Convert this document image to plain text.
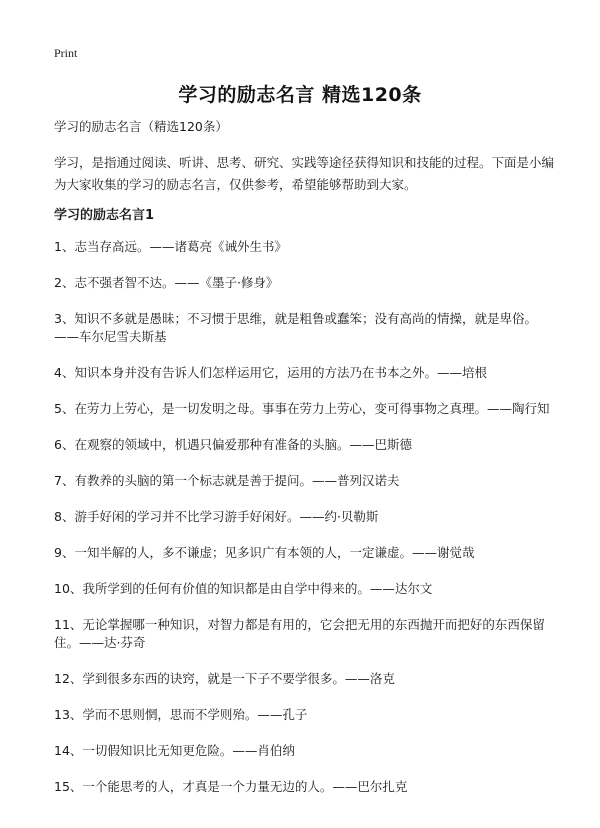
Print
学习的励志名言 精选120条

学习的励志名言（精选120条）

学习，是指通过阅读、听讲、思考、研究、实践等途径获得知识和技能的过程。下面是小编为大家收集的学习的励志名言，仅供参考，希望能够帮助到大家。

学习的励志名言1

1、志当存高远。——诸葛亮《诫外生书》
2、志不强者智不达。——《墨子·修身》
3、知识不多就是愚昧；不习惯于思维，就是粗鲁或蠢笨；没有高尚的情操，就是卑俗。——车尔尼雪夫斯基
4、知识本身并没有告诉人们怎样运用它，运用的方法乃在书本之外。——培根
5、在劳力上劳心，是一切发明之母。事事在劳力上劳心，变可得事物之真理。——陶行知
6、在观察的领域中，机遇只偏爱那种有准备的头脑。——巴斯德
7、有教养的头脑的第一个标志就是善于提问。——普列汉诺夫
8、游手好闲的学习并不比学习游手好闲好。——约·贝勒斯
9、一知半解的人，多不谦虚；见多识广有本领的人，一定谦虚。——谢觉哉
10、我所学到的任何有价值的知识都是由自学中得来的。——达尔文
11、无论掌握哪一种知识，对智力都是有用的，它会把无用的东西抛开而把好的东西保留住。——达·芬奇
12、学到很多东西的诀窍，就是一下子不要学很多。——洛克
13、学而不思则惘，思而不学则殆。——孔子
14、一切假知识比无知更危险。——肖伯纳
15、一个能思考的人，才真是一个力量无边的人。——巴尔扎克
